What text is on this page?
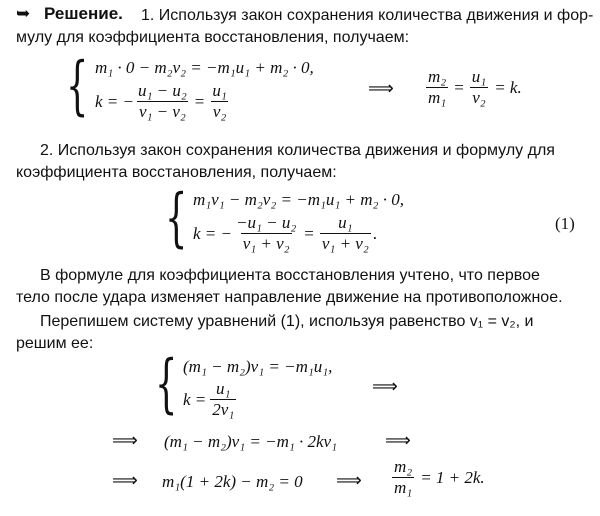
➥ Решение. 1. Используя закон сохранения количества движения и фор-
мулу для коэффициента восстановления, получаем:
{ m₁ · 0 − m₂v₂ = −m₁u₁ + m₂ · 0,
k = − $\frac{\text{u₁ − u₂}}{\text{v₁ − v₂}} = \frac{\text{u₁}}{\text{v₂}}$	⟹ $\frac{\text{m₂}}{\text{m₁}} = \frac{\text{u₁}}{\text{v₂}} = k$.
2. Используя закон сохранения количества движения и формулу для
коэффициента восстановления, получаем:
{ m₁v₁ − m₂v₂ = −m₁u₁ + m₂ · 0,
k = − $\frac{\text{−u₁ − u₂}}{\text{v₁ + v₂}} = \frac{\text{u₁}}{\text{v₁ + v₂}}$ .	(1)
В формуле для коэффициента восстановления учтено, что первое
тело после удара изменяет направление движение на противоположное.
Перепишем систему уравнений (1), используя равенство v₁ = v₂, и
решим ее:
{ (m₁ − m₂)v₁ = −m₁u₁,
$k = \frac{\text{u₁}}{\text{2v₁}}$	⟹
⟹ (m₁ − m₂)v₁ = −m₁ · 2kv₁	⟹
⟹ m₁(1 + 2k) − m₂ = 0 ⟹ $\frac{\text{m₂}}{\text{m₁}} = 1 + 2k$.
